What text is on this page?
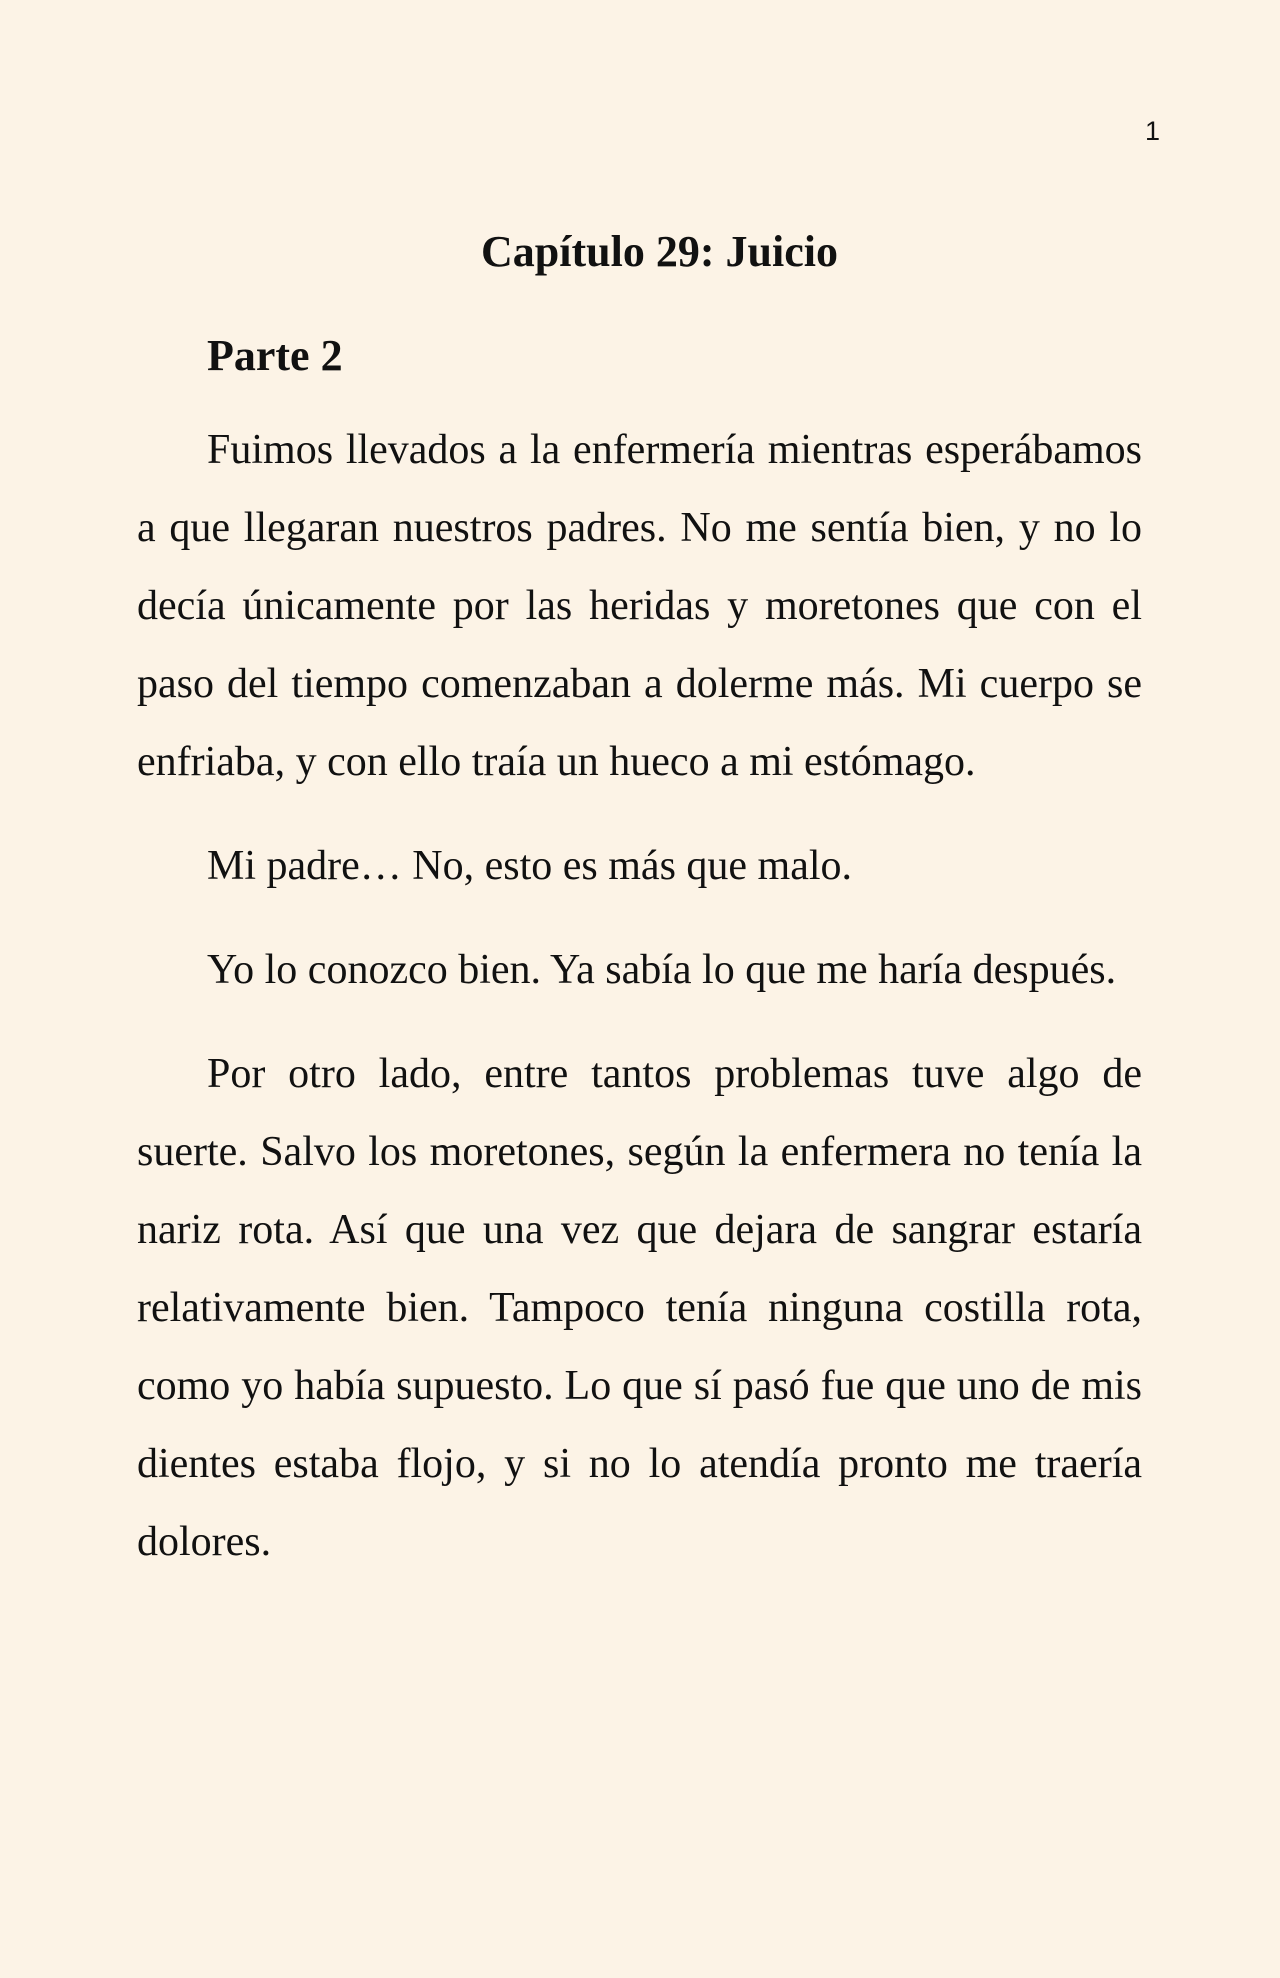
1
Capítulo 29: Juicio
Parte 2

Fuimos llevados a la enfermería mientras esperábamos a que llegaran nuestros padres. No me sentía bien, y no lo decía únicamente por las heridas y moretones que con el paso del tiempo comenzaban a dolerme más. Mi cuerpo se enfriaba, y con ello traía un hueco a mi estómago.

Mi padre… No, esto es más que malo.

Yo lo conozco bien. Ya sabía lo que me haría después.

Por otro lado, entre tantos problemas tuve algo de suerte. Salvo los moretones, según la enfermera no tenía la nariz rota. Así que una vez que dejara de sangrar estaría relativamente bien. Tampoco tenía ninguna costilla rota, como yo había supuesto. Lo que sí pasó fue que uno de mis dientes estaba flojo, y si no lo atendía pronto me traería dolores.
